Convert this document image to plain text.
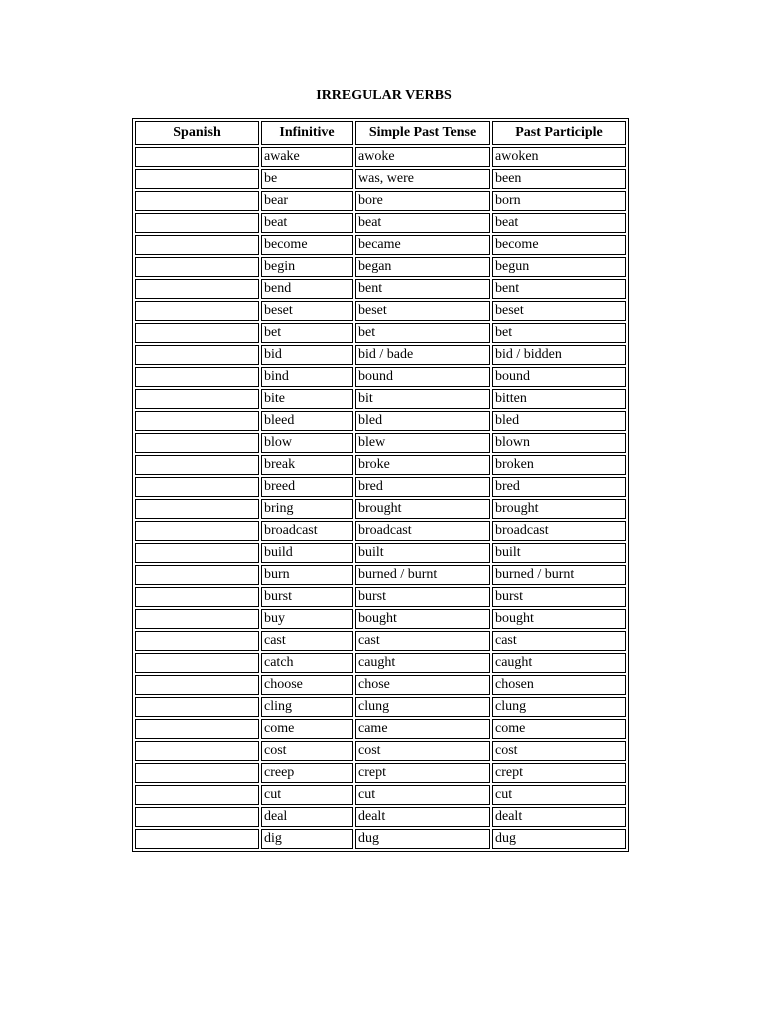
IRREGULAR VERBS
Spanish	Infinitive	Simple Past Tense	Past Participle
	awake	awoke	awoken
	be	was, were	been
	bear	bore	born
	beat	beat	beat
	become	became	become
	begin	began	begun
	bend	bent	bent
	beset	beset	beset
	bet	bet	bet
	bid	bid / bade	bid / bidden
	bind	bound	bound
	bite	bit	bitten
	bleed	bled	bled
	blow	blew	blown
	break	broke	broken
	breed	bred	bred
	bring	brought	brought
	broadcast	broadcast	broadcast
	build	built	built
	burn	burned / burnt	burned / burnt
	burst	burst	burst
	buy	bought	bought
	cast	cast	cast
	catch	caught	caught
	choose	chose	chosen
	cling	clung	clung
	come	came	come
	cost	cost	cost
	creep	crept	crept
	cut	cut	cut
	deal	dealt	dealt
	dig	dug	dug
